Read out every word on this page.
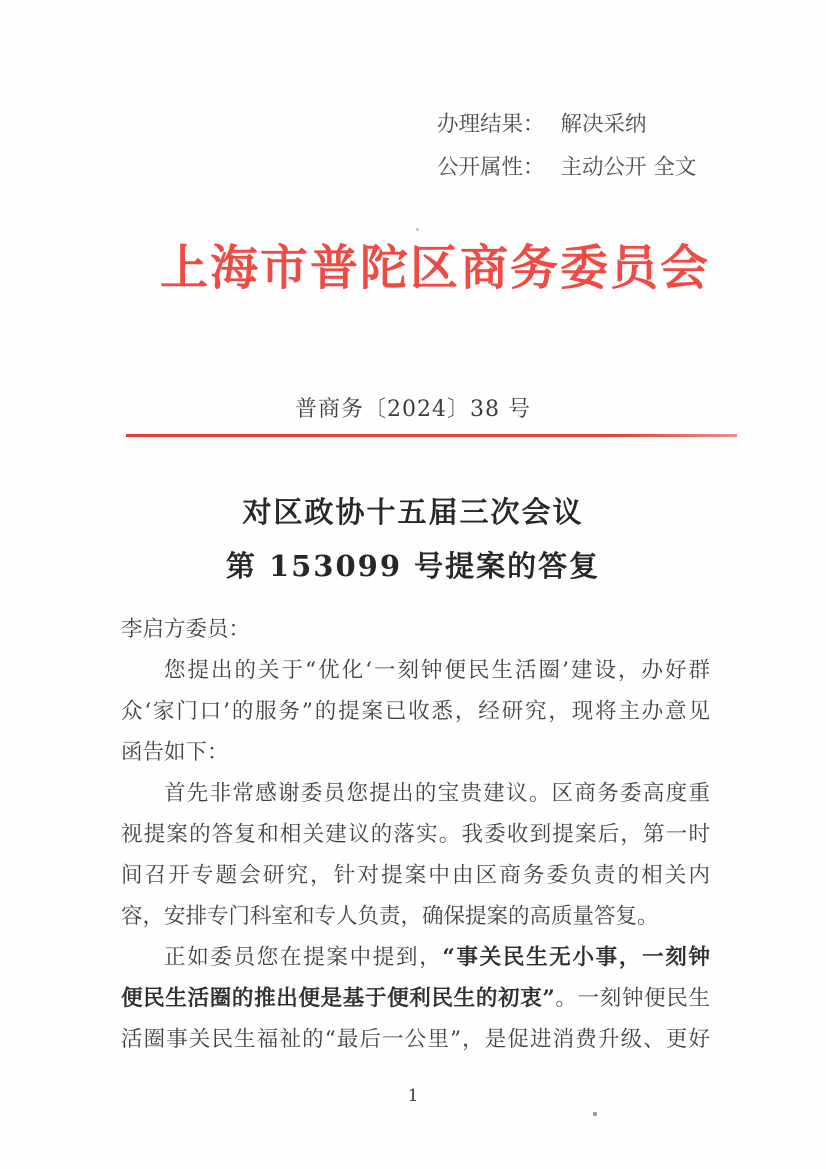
办理结果： 解决采纳
公开属性： 主动公开 全文
上海市普陀区商务委员会
普商务〔2024〕38 号
对区政协十五届三次会议
第 153099 号提案的答复
李启方委员：
您提出的关于“优化‘一刻钟便民生活圈’建设，办好群
众‘家门口’的服务”的提案已收悉，经研究，现将主办意见
函告如下：
首先非常感谢委员您提出的宝贵建议。区商务委高度重
视提案的答复和相关建议的落实。我委收到提案后，第一时
间召开专题会研究，针对提案中由区商务委负责的相关内
容，安排专门科室和专人负责，确保提案的高质量答复。
正如委员您在提案中提到，“事关民生无小事，一刻钟
便民生活圈的推出便是基于便利民生的初衷”。一刻钟便民生
活圈事关民生福祉的“最后一公里”，是促进消费升级、更好
1
